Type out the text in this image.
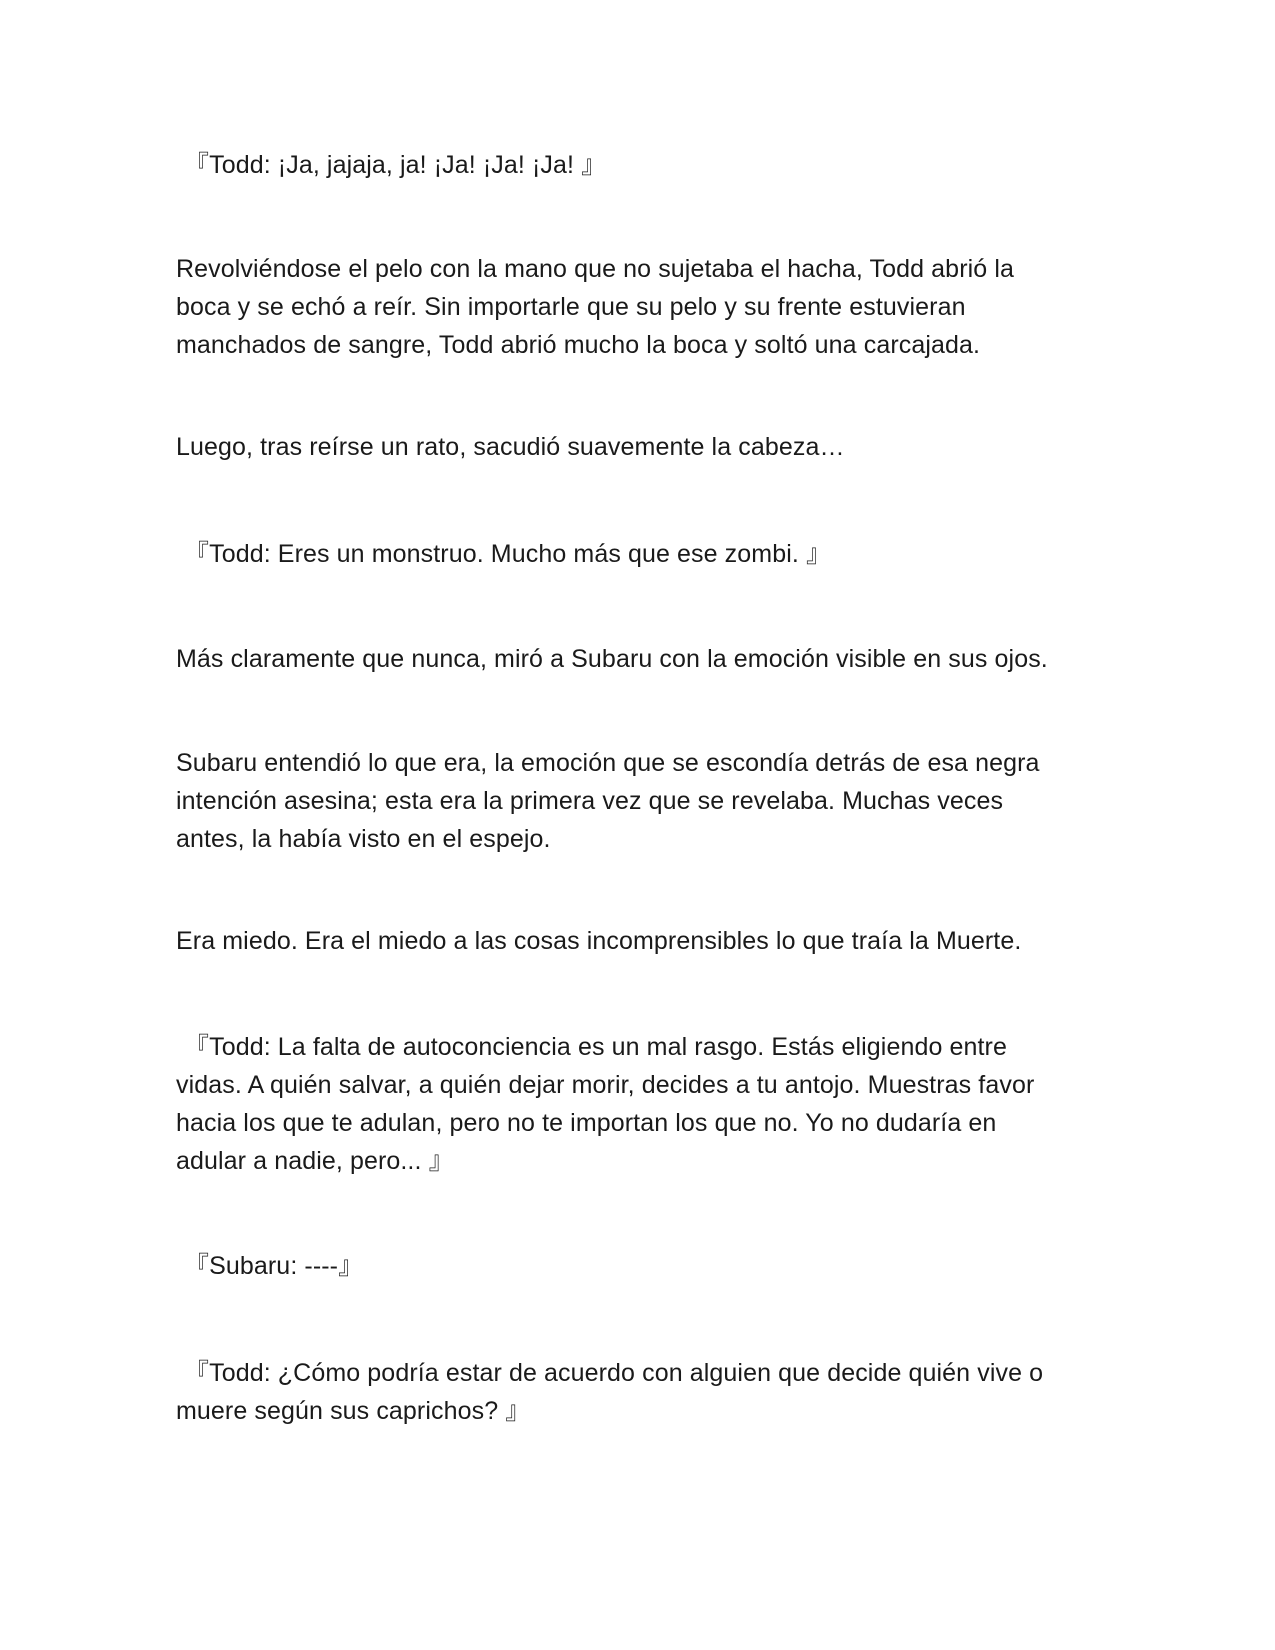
『Todd: ¡Ja, jajaja, ja! ¡Ja! ¡Ja! ¡Ja! 』

Revolviéndose el pelo con la mano que no sujetaba el hacha, Todd abrió la
boca y se echó a reír. Sin importarle que su pelo y su frente estuvieran
manchados de sangre, Todd abrió mucho la boca y soltó una carcajada.

Luego, tras reírse un rato, sacudió suavemente la cabeza…

『Todd: Eres un monstruo. Mucho más que ese zombi. 』

Más claramente que nunca, miró a Subaru con la emoción visible en sus ojos.

Subaru entendió lo que era, la emoción que se escondía detrás de esa negra
intención asesina; esta era la primera vez que se revelaba. Muchas veces
antes, la había visto en el espejo.

Era miedo. Era el miedo a las cosas incomprensibles lo que traía la Muerte.

『Todd: La falta de autoconciencia es un mal rasgo. Estás eligiendo entre
vidas. A quién salvar, a quién dejar morir, decides a tu antojo. Muestras favor
hacia los que te adulan, pero no te importan los que no. Yo no dudaría en
adular a nadie, pero... 』

『Subaru: ----』

『Todd: ¿Cómo podría estar de acuerdo con alguien que decide quién vive o
muere según sus caprichos? 』
